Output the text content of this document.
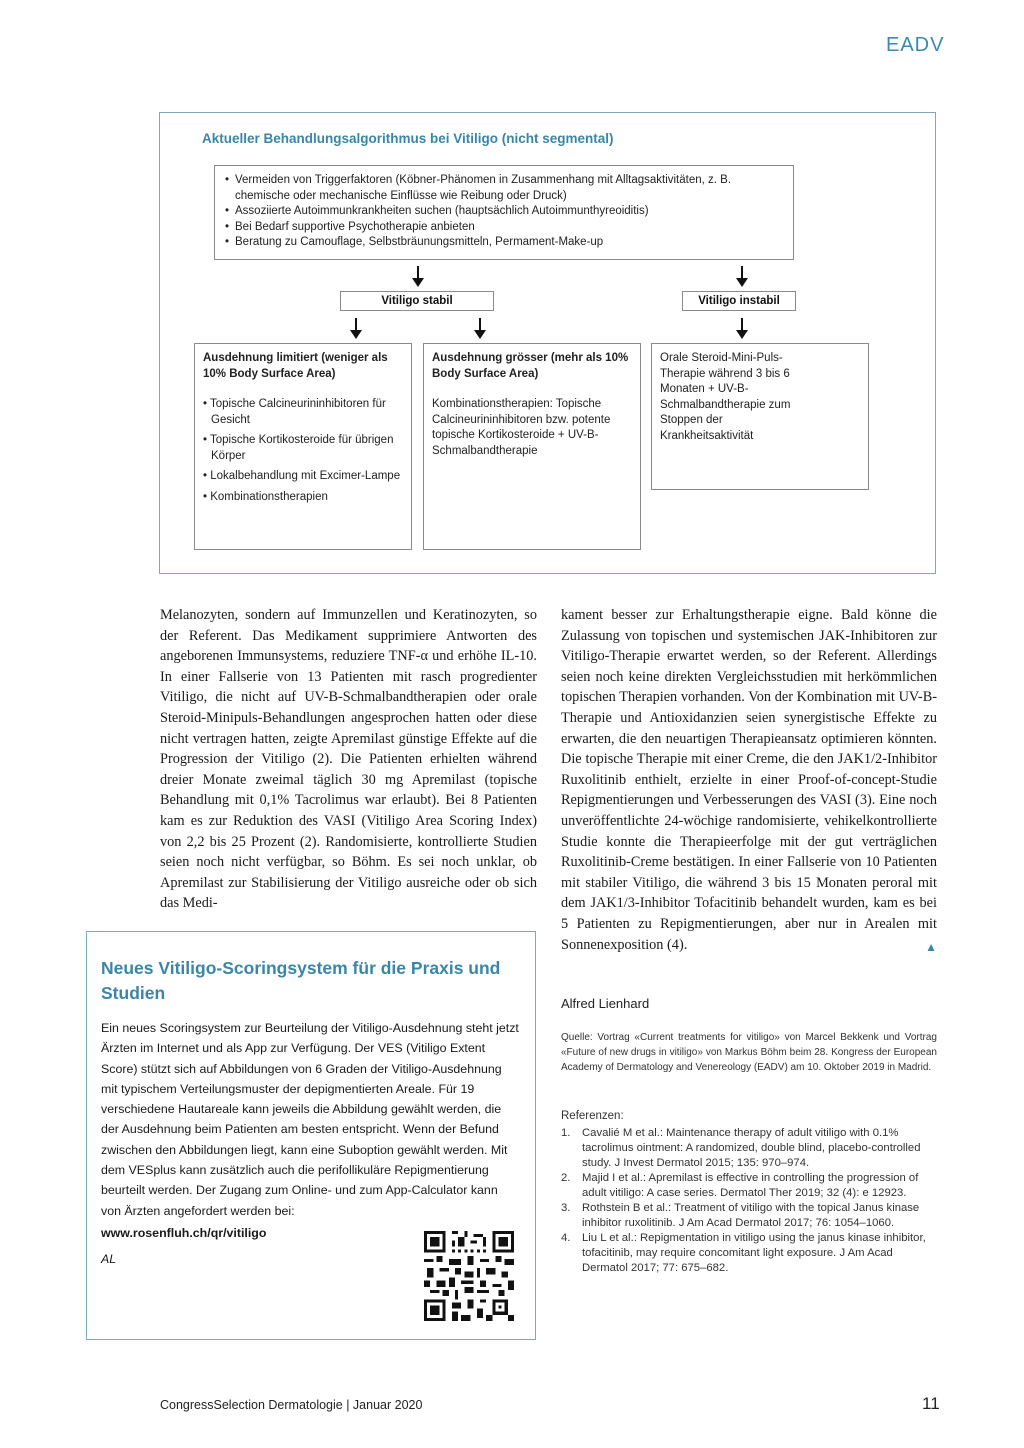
EADV
Aktueller Behandlungsalgorithmus bei Vitiligo (nicht segmental)
• Vermeiden von Triggerfaktoren (Köbner-Phänomen in Zusammenhang mit Alltagsaktivitäten, z. B. chemische oder mechanische Einflüsse wie Reibung oder Druck)
• Assoziierte Autoimmunkrankheiten suchen (hauptsächlich Autoimmunthyreoiditis)
• Bei Bedarf supportive Psychotherapie anbieten
• Beratung zu Camouflage, Selbstbräunungsmitteln, Permament-Make-up
Vitiligo stabil	Vitiligo instabil
Ausdehnung limitiert (weniger als 10% Body Surface Area)
• Topische Calcineurininhibitoren für Gesicht
• Topische Kortikosteroide für übrigen Körper
• Lokalbehandlung mit Excimer-Lampe
• Kombinationstherapien
Ausdehnung grösser (mehr als 10% Body Surface Area)
Kombinationstherapien: Topische Calcineurininhibitoren bzw. potente topische Kortikosteroide + UV-B-Schmalbandtherapie
Orale Steroid-Mini-Puls-Therapie während 3 bis 6 Monaten + UV-B-Schmalbandtherapie zum Stoppen der Krankheitsaktivität
Melanozyten, sondern auf Immunzellen und Keratinozyten, so der Referent. Das Medikament supprimiere Antworten des angeborenen Immunsystems, reduziere TNF-α und erhöhe IL-10. In einer Fallserie von 13 Patienten mit rasch progredienter Vitiligo, die nicht auf UV-B-Schmalbandtherapien oder orale Steroid-Minipuls-Behandlungen angesprochen hatten oder diese nicht vertragen hatten, zeigte Apremilast günstige Effekte auf die Progression der Vitiligo (2). Die Patienten erhielten während dreier Monate zweimal täglich 30 mg Apremilast (topische Behandlung mit 0,1% Tacrolimus war erlaubt). Bei 8 Patienten kam es zur Reduktion des VASI (Vitiligo Area Scoring Index) von 2,2 bis 25 Prozent (2). Randomisierte, kontrollierte Studien seien noch nicht verfügbar, so Böhm. Es sei noch unklar, ob Apremilast zur Stabilisierung der Vitiligo ausreiche oder ob sich das Medi-
kament besser zur Erhaltungstherapie eigne. Bald könne die Zulassung von topischen und systemischen JAK-Inhibitoren zur Vitiligo-Therapie erwartet werden, so der Referent. Allerdings seien noch keine direkten Vergleichsstudien mit herkömmlichen topischen Therapien vorhanden. Von der Kombination mit UV-B-Therapie und Antioxidanzien seien synergistische Effekte zu erwarten, die den neuartigen Therapieansatz optimieren könnten. Die topische Therapie mit einer Creme, die den JAK1/2-Inhibitor Ruxolitinib enthielt, erzielte in einer Proof-of-concept-Studie Repigmentierungen und Verbesserungen des VASI (3). Eine noch unveröffentlichte 24-wöchige randomisierte, vehikelkontrollierte Studie konnte die Therapieerfolge mit der gut verträglichen Ruxolitinib-Creme bestätigen. In einer Fallserie von 10 Patienten mit stabiler Vitiligo, die während 3 bis 15 Monaten peroral mit dem JAK1/3-Inhibitor Tofacitinib behandelt wurden, kam es bei 5 Patienten zu Repigmentierungen, aber nur in Arealen mit Sonnenexposition (4).	▲
Alfred Lienhard
Quelle: Vortrag «Current treatments for vitiligo» von Marcel Bekkenk und Vortrag «Future of new drugs in vitiligo» von Markus Böhm beim 28. Kongress der European Academy of Dermatology and Venereology (EADV) am 10. Oktober 2019 in Madrid.
Referenzen:
1.	Cavalié M et al.: Maintenance therapy of adult vitiligo with 0.1% tacrolimus ointment: A randomized, double blind, placebo-controlled study. J Invest Dermatol 2015; 135: 970–974.
2.	Majid I et al.: Apremilast is effective in controlling the progression of adult vitiligo: A case series. Dermatol Ther 2019; 32 (4): e 12923.
3.	Rothstein B et al.: Treatment of vitiligo with the topical Janus kinase inhibitor ruxolitinib. J Am Acad Dermatol 2017; 76: 1054–1060.
4.	Liu L et al.: Repigmentation in vitiligo using the janus kinase inhibitor, tofacitinib, may require concomitant light exposure. J Am Acad Dermatol 2017; 77: 675–682.
Neues Vitiligo-Scoringsystem für die Praxis und Studien
Ein neues Scoringsystem zur Beurteilung der Vitiligo-Ausdehnung steht jetzt Ärzten im Internet und als App zur Verfügung. Der VES (Vitiligo Extent Score) stützt sich auf Abbildungen von 6 Graden der Vitiligo-Ausdehnung mit typischem Verteilungsmuster der depigmentierten Areale. Für 19 verschiedene Hautareale kann jeweils die Abbildung gewählt werden, die der Ausdehnung beim Patienten am besten entspricht. Wenn der Befund zwischen den Abbildungen liegt, kann eine Suboption gewählt werden. Mit dem VESplus kann zusätzlich auch die perifollikuläre Repigmentierung beurteilt werden. Der Zugang zum Online- und zum App-Calculator kann von Ärzten angefordert werden bei:
www.rosenfluh.ch/qr/vitiligo
AL
CongressSelection Dermatologie | Januar 2020	11
